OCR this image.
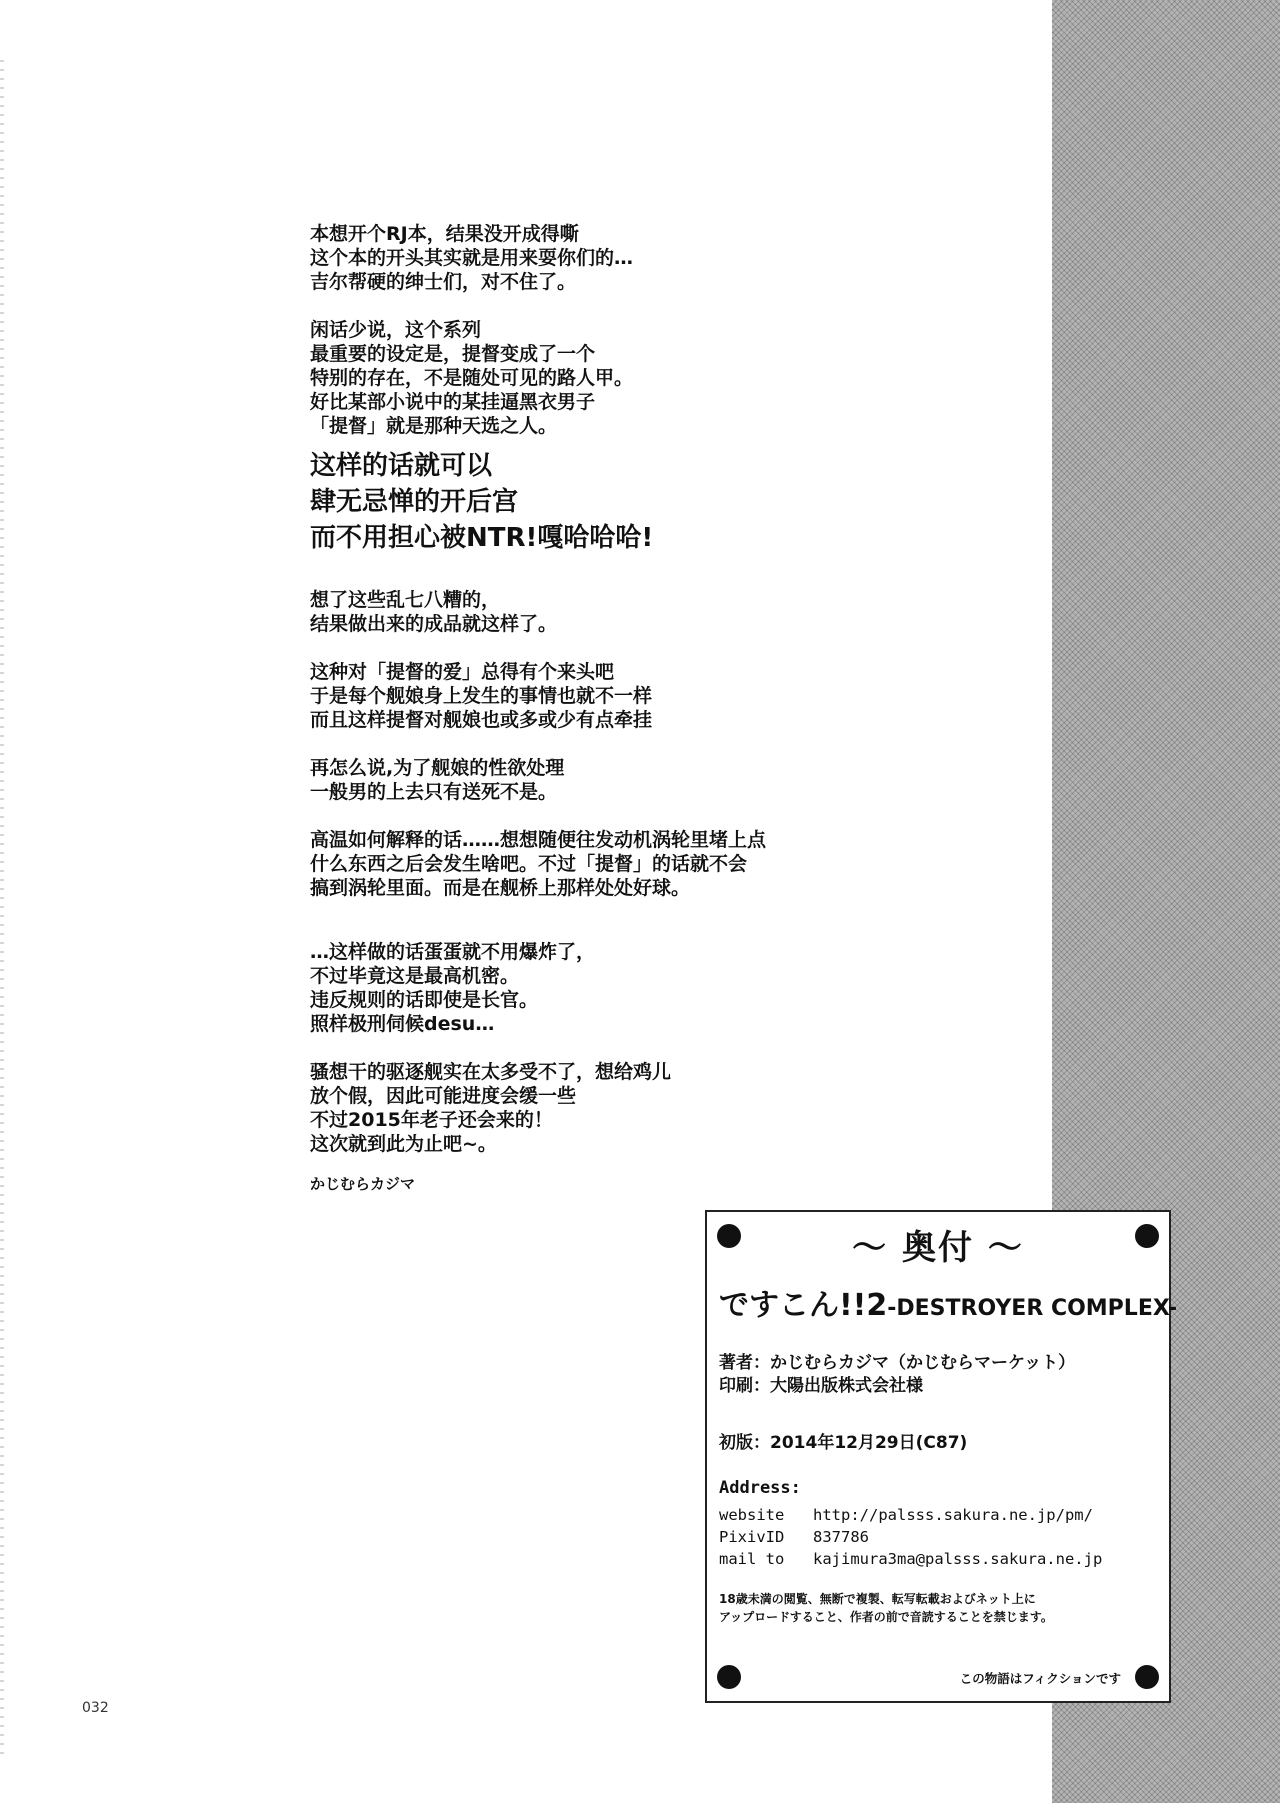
本想开个RJ本，结果没开成得嘶
这个本的开头其实就是用来耍你们的…
吉尔帮硬的绅士们，对不住了。

闲话少说，这个系列
最重要的设定是，提督变成了一个
特别的存在，不是随处可见的路人甲。
好比某部小说中的某挂逼黑衣男子
「提督」就是那种天选之人。

这样的话就可以
肆无忌惮的开后宫
而不用担心被NTR!嘎哈哈哈!

想了这些乱七八糟的，
结果做出来的成品就这样了。

这种对「提督的爱」总得有个来头吧
于是每个舰娘身上发生的事情也就不一样
而且这样提督对舰娘也或多或少有点牵挂

再怎么说,为了舰娘的性欲处理
一般男的上去只有送死不是。

高温如何解释的话……想想随便往发动机涡轮里堵上点
什么东西之后会发生啥吧。不过「提督」的话就不会
搞到涡轮里面。而是在舰桥上那样处处好球。

…这样做的话蛋蛋就不用爆炸了，
不过毕竟这是最高机密。
违反规则的话即使是长官。
照样极刑伺候desu…

骚想干的驱逐舰实在太多受不了，想给鸡儿
放个假，因此可能进度会缓一些
不过2015年老子还会来的！
这次就到此为止吧~。

かじむらカジマ

032
～ 奥付 ～
ですこん!!2-DESTROYER COMPLEX-
著者：かじむらカジマ（かじむらマーケット）
印刷：大陽出版株式会社様
初版：2014年12月29日(C87)
Address:
website	http://palsss.sakura.ne.jp/pm/
PixivID	837786
mail to	kajimura3ma@palsss.sakura.ne.jp
18歳未満の閲覧、無断で複製、転写転載およびネット上に
アップロードすること、作者の前で音読することを禁じます。
この物語はフィクションです
